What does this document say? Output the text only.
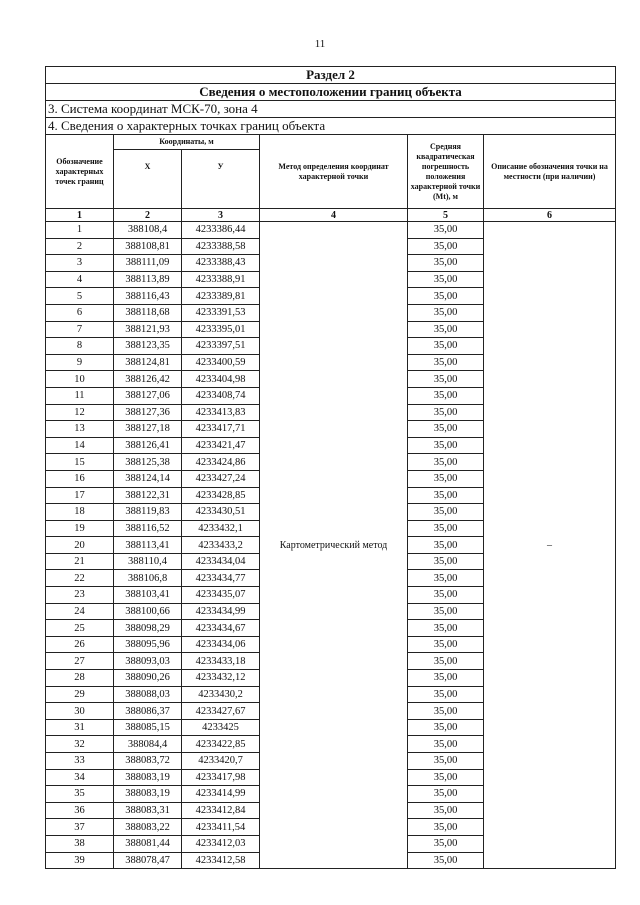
11
Раздел 2					
Сведения о местоположении границ объекта					
3. Система координат МСК-70, зона 4					
4. Сведения о характерных точках границ объекта					
Обозначение характерных точек границ	Координаты, м		Метод определения координат характерной точки	Средняя квадратическая погрешность положения характерной точки (Mt), м	Описание обозначения точки на местности (при наличии)
	X	У			
1	2	3	4	5	6
1	388108,4	4233386,44	Картометрический метод	35,00	–
2	388108,81	4233388,58		35,00	
3	388111,09	4233388,43		35,00	
4	388113,89	4233388,91		35,00	
5	388116,43	4233389,81		35,00	
6	388118,68	4233391,53		35,00	
7	388121,93	4233395,01		35,00	
8	388123,35	4233397,51		35,00	
9	388124,81	4233400,59		35,00	
10	388126,42	4233404,98		35,00	
11	388127,06	4233408,74		35,00	
12	388127,36	4233413,83		35,00	
13	388127,18	4233417,71		35,00	
14	388126,41	4233421,47		35,00	
15	388125,38	4233424,86		35,00	
16	388124,14	4233427,24		35,00	
17	388122,31	4233428,85		35,00	
18	388119,83	4233430,51		35,00	
19	388116,52	4233432,1		35,00	
20	388113,41	4233433,2		35,00	
21	388110,4	4233434,04		35,00	
22	388106,8	4233434,77		35,00	
23	388103,41	4233435,07		35,00	
24	388100,66	4233434,99		35,00	
25	388098,29	4233434,67		35,00	
26	388095,96	4233434,06		35,00	
27	388093,03	4233433,18		35,00	
28	388090,26	4233432,12		35,00	
29	388088,03	4233430,2		35,00	
30	388086,37	4233427,67		35,00	
31	388085,15	4233425		35,00	
32	388084,4	4233422,85		35,00	
33	388083,72	4233420,7		35,00	
34	388083,19	4233417,98		35,00	
35	388083,19	4233414,99		35,00	
36	388083,31	4233412,84		35,00	
37	388083,22	4233411,54		35,00	
38	388081,44	4233412,03		35,00	
39	388078,47	4233412,58		35,00	
